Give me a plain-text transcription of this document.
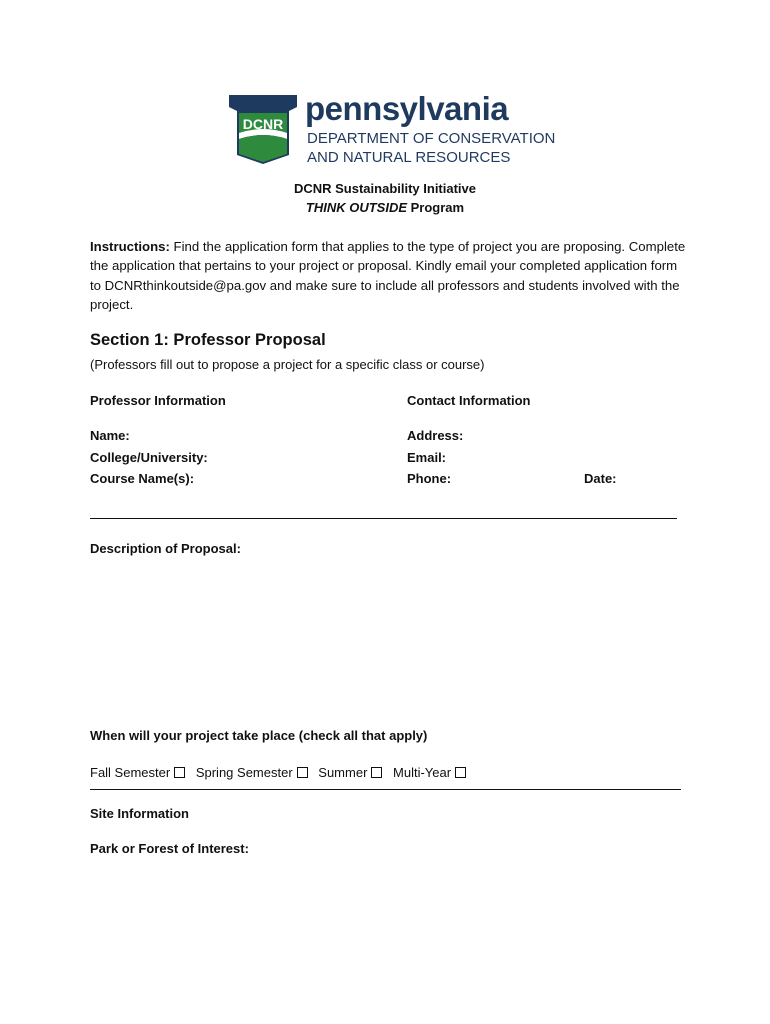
DCNR pennsylvania
DEPARTMENT OF CONSERVATION
AND NATURAL RESOURCES
DCNR Sustainability Initiative
THINK OUTSIDE Program
Instructions: Find the application form that applies to the type of project you are proposing. Complete the application that pertains to your project or proposal. Kindly email your completed application form to DCNRthinkoutside@pa.gov and make sure to include all professors and students involved with the project.
Section 1: Professor Proposal
(Professors fill out to propose a project for a specific class or course)
Professor Information	Contact Information
Name:
College/University:
Course Name(s):
Address:
Email:
Phone:	Date:
Description of Proposal:
When will your project take place (check all that apply)
Fall Semester Spring Semester Summer Multi-Year
Site Information
Park or Forest of Interest:
